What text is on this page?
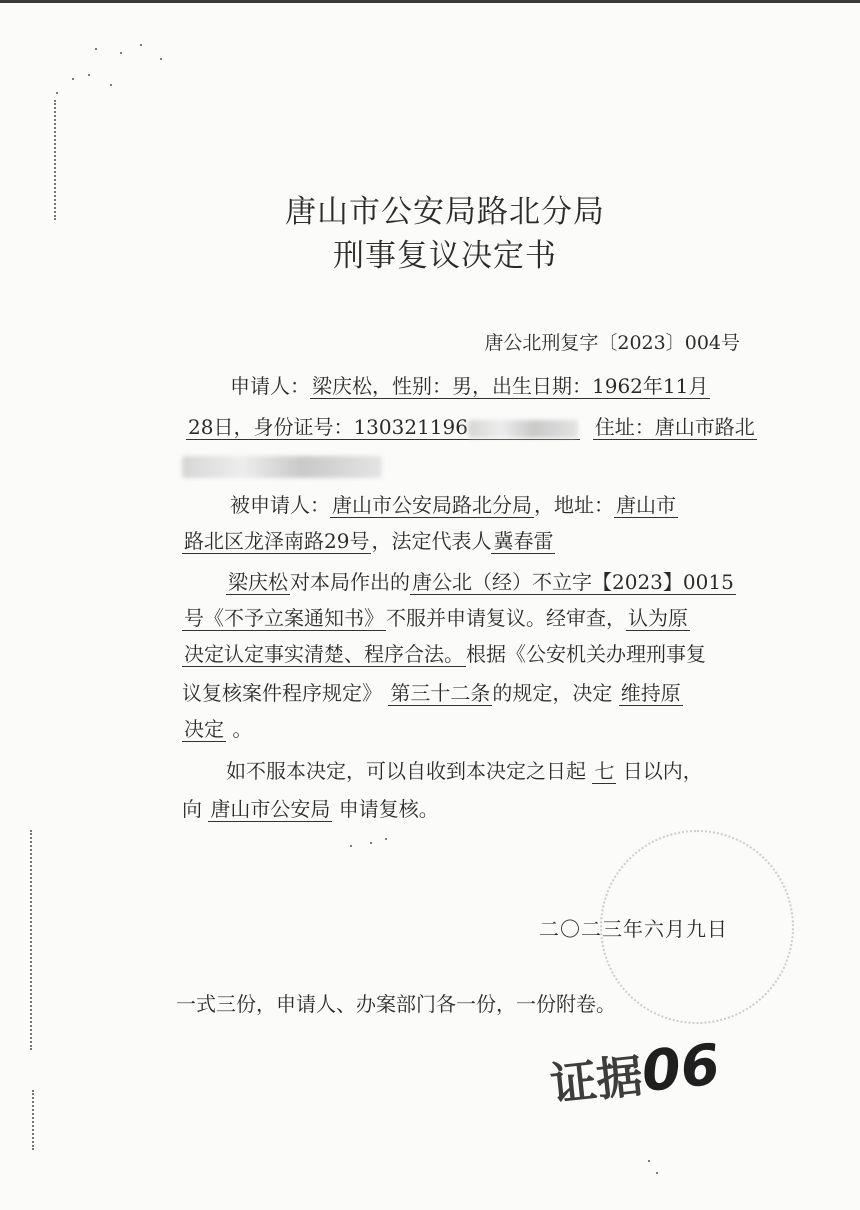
唐山市公安局路北分局
刑事复议决定书
唐公北刑复字〔2023〕004号
申请人： 梁庆松，性别：男，出生日期：1962年11月
28日，身份证号：130321196	住址：唐山市路北
被申请人： 唐山市公安局路北分局 ，地址： 唐山市
路北区龙泽南路29号 ，法定代表人 冀春雷
梁庆松 对本局作出的 唐公北（经）不立字【2023】0015
号《不予立案通知书》 不服并申请复议。经审查， 认为原
决定认定事实清楚、程序合法。 根据《公安机关办理刑事复
议复核案件程序规定》 第三十二条 的规定，决定 维持原
决定 。
如不服本决定，可以自收到本决定之日起 七 日以内，
向 唐山市公安局 申请复核。
二〇二三年六月九日
一式三份，申请人、办案部门各一份，一份附卷。
证据06
